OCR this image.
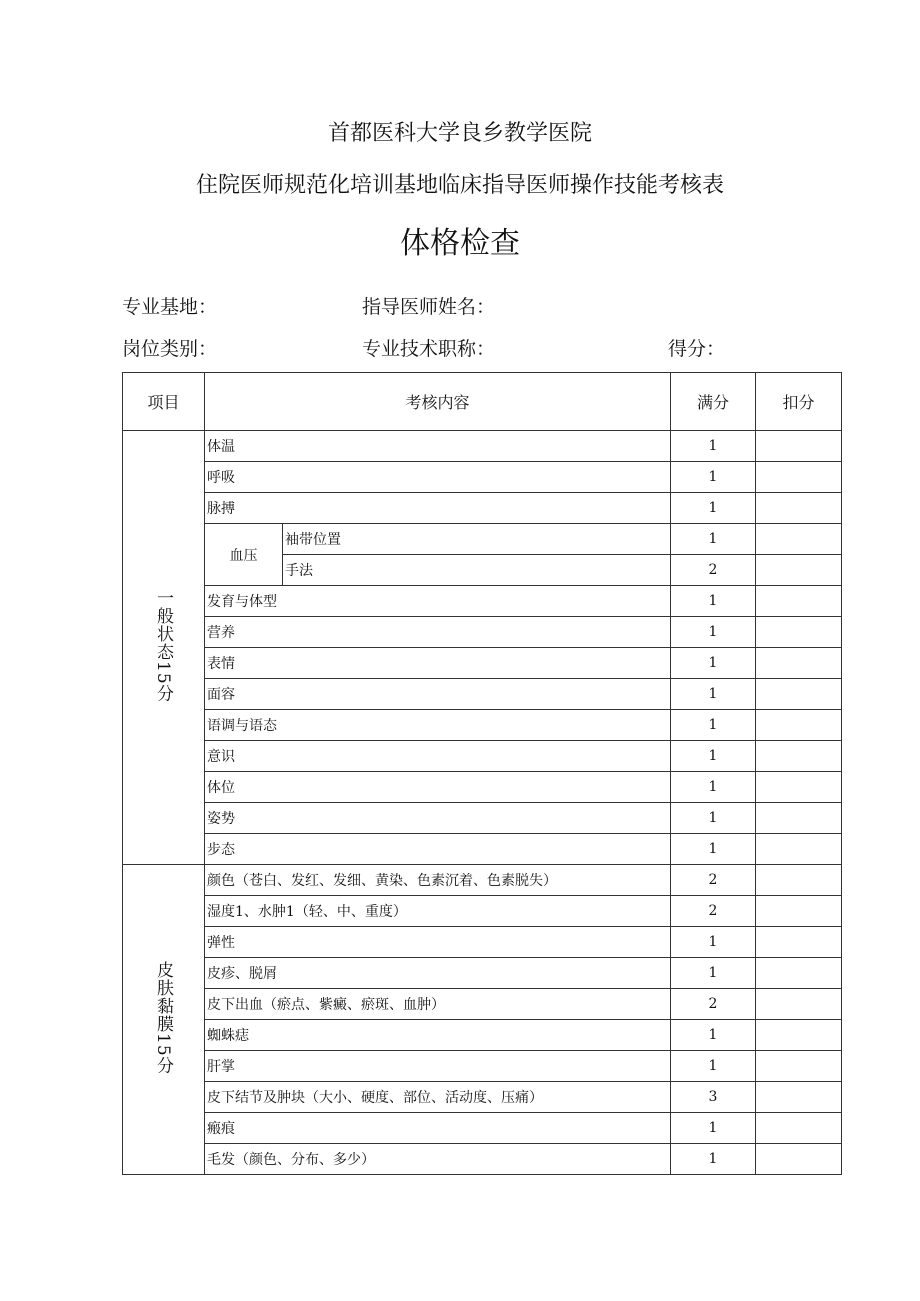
首都医科大学良乡教学医院
住院医师规范化培训基地临床指导医师操作技能考核表
体格检查
专业基地：	指导医师姓名：
岗位类别：	专业技术职称：	得分：
项目	考核内容		满分	扣分
一般状态15分	体温		1	
	呼吸		1	
	脉搏		1	
	血压	袖带位置	1	
		手法	2	
	发育与体型		1	
	营养		1	
	表情		1	
	面容		1	
	语调与语态		1	
	意识		1	
	体位		1	
	姿势		1	
	步态		1	
皮肤黏膜15分	颜色（苍白、发红、发细、黄染、色素沉着、色素脱失）		2	
	湿度1、水肿1（轻、中、重度）		2	
	弹性		1	
	皮疹、脱屑		1	
	皮下出血（瘀点、紫癜、瘀斑、血肿）		2	
	蜘蛛痣		1	
	肝掌		1	
	皮下结节及肿块（大小、硬度、部位、活动度、压痛）		3	
	瘢痕		1	
	毛发（颜色、分布、多少）		1	
